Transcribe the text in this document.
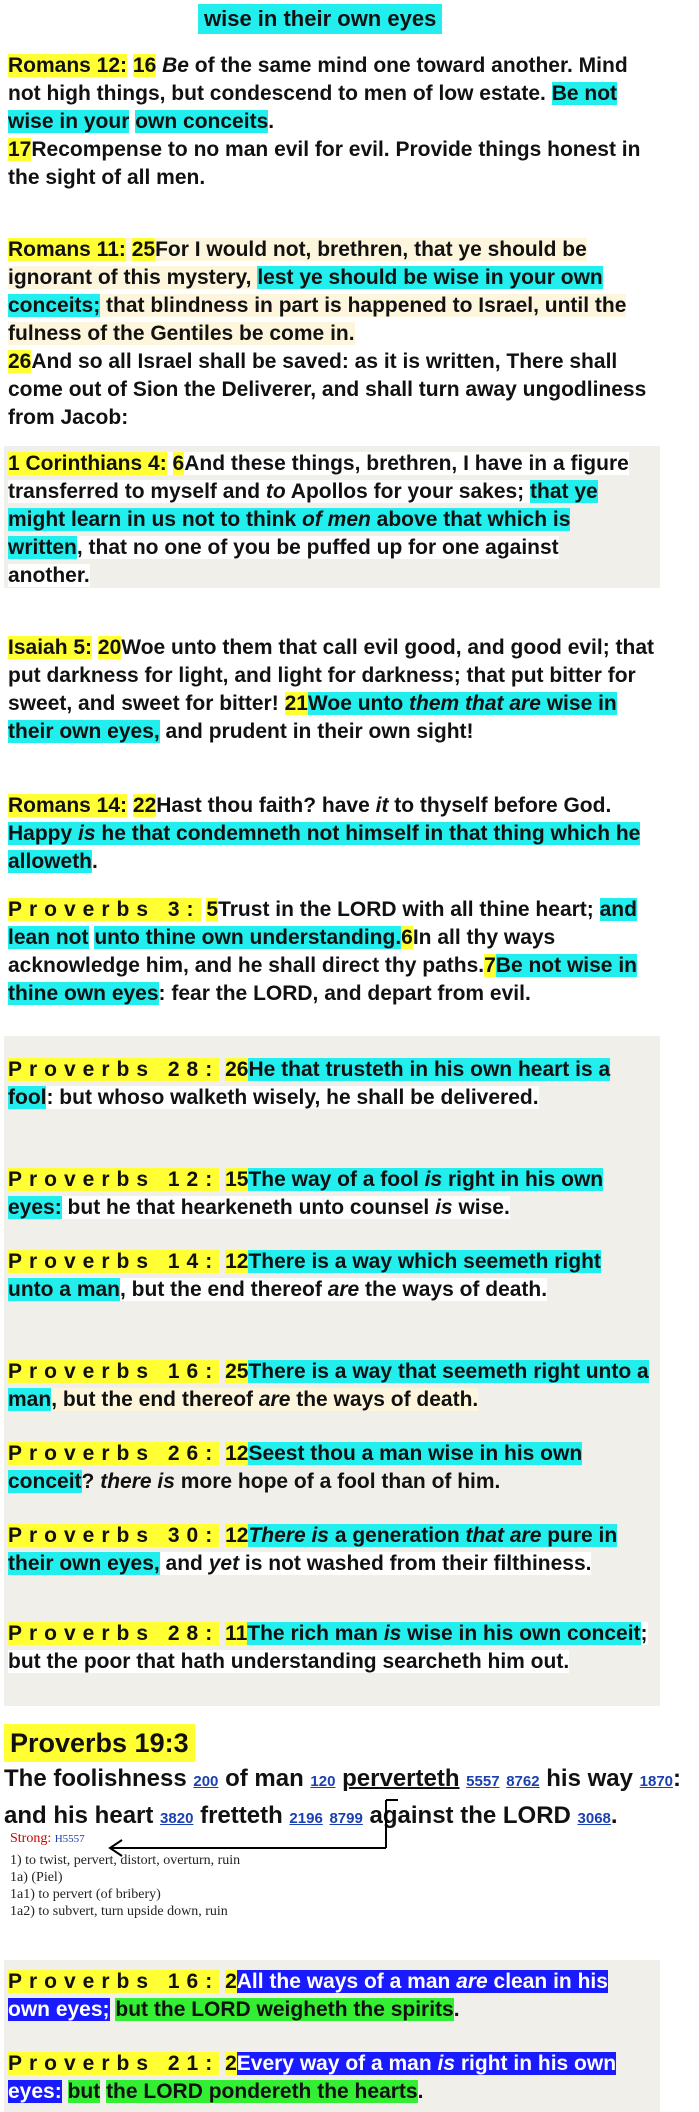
wise in their own eyes
Romans 12: 16 Be of the same mind one toward another. Mind not high things, but condescend to men of low estate. Be not wise in your own conceits.
17Recompense to no man evil for evil. Provide things honest in the sight of all men.
Romans 11: 25For I would not, brethren, that ye should be ignorant of this mystery, lest ye should be wise in your own conceits; that blindness in part is happened to Israel, until the fulness of the Gentiles be come in.
26And so all Israel shall be saved: as it is written, There shall come out of Sion the Deliverer, and shall turn away ungodliness from Jacob:
1 Corinthians 4: 6And these things, brethren, I have in a figure transferred to myself and to Apollos for your sakes; that ye might learn in us not to think of men above that which is written, that no one of you be puffed up for one against another.
Isaiah 5: 20Woe unto them that call evil good, and good evil; that put darkness for light, and light for darkness; that put bitter for sweet, and sweet for bitter! 21Woe unto them that are wise in their own eyes, and prudent in their own sight!
Romans 14: 22Hast thou faith? have it to thyself before God. Happy is he that condemneth not himself in that thing which he alloweth.
Proverbs 3: 5Trust in the LORD with all thine heart; and lean not unto thine own understanding.6In all thy ways acknowledge him, and he shall direct thy paths.7Be not wise in thine own eyes: fear the LORD, and depart from evil.
Proverbs 28: 26He that trusteth in his own heart is a fool: but whoso walketh wisely, he shall be delivered.
Proverbs 12: 15The way of a fool is right in his own eyes: but he that hearkeneth unto counsel is wise.
Proverbs 14: 12There is a way which seemeth right unto a man, but the end thereof are the ways of death.
Proverbs 16: 25There is a way that seemeth right unto a man, but the end thereof are the ways of death.
Proverbs 26: 12Seest thou a man wise in his own conceit? there is more hope of a fool than of him.
Proverbs 30: 12There is a generation that are pure in their own eyes, and yet is not washed from their filthiness.
Proverbs 28: 11The rich man is wise in his own conceit; but the poor that hath understanding searcheth him out.
Proverbs 19:3
The foolishness 200 of man 120 perverteth 5557 8762 his way 1870: and his heart 3820 fretteth 2196 8799 against the LORD 3068.
Strong: H5557
1) to twist, pervert, distort, overturn, ruin
1a) (Piel)
1a1) to pervert (of bribery)
1a2) to subvert, turn upside down, ruin
Proverbs 16: 2All the ways of a man are clean in his own eyes; but the LORD weigheth the spirits.
Proverbs 21: 2Every way of a man is right in his own eyes: but the LORD pondereth the hearts.
